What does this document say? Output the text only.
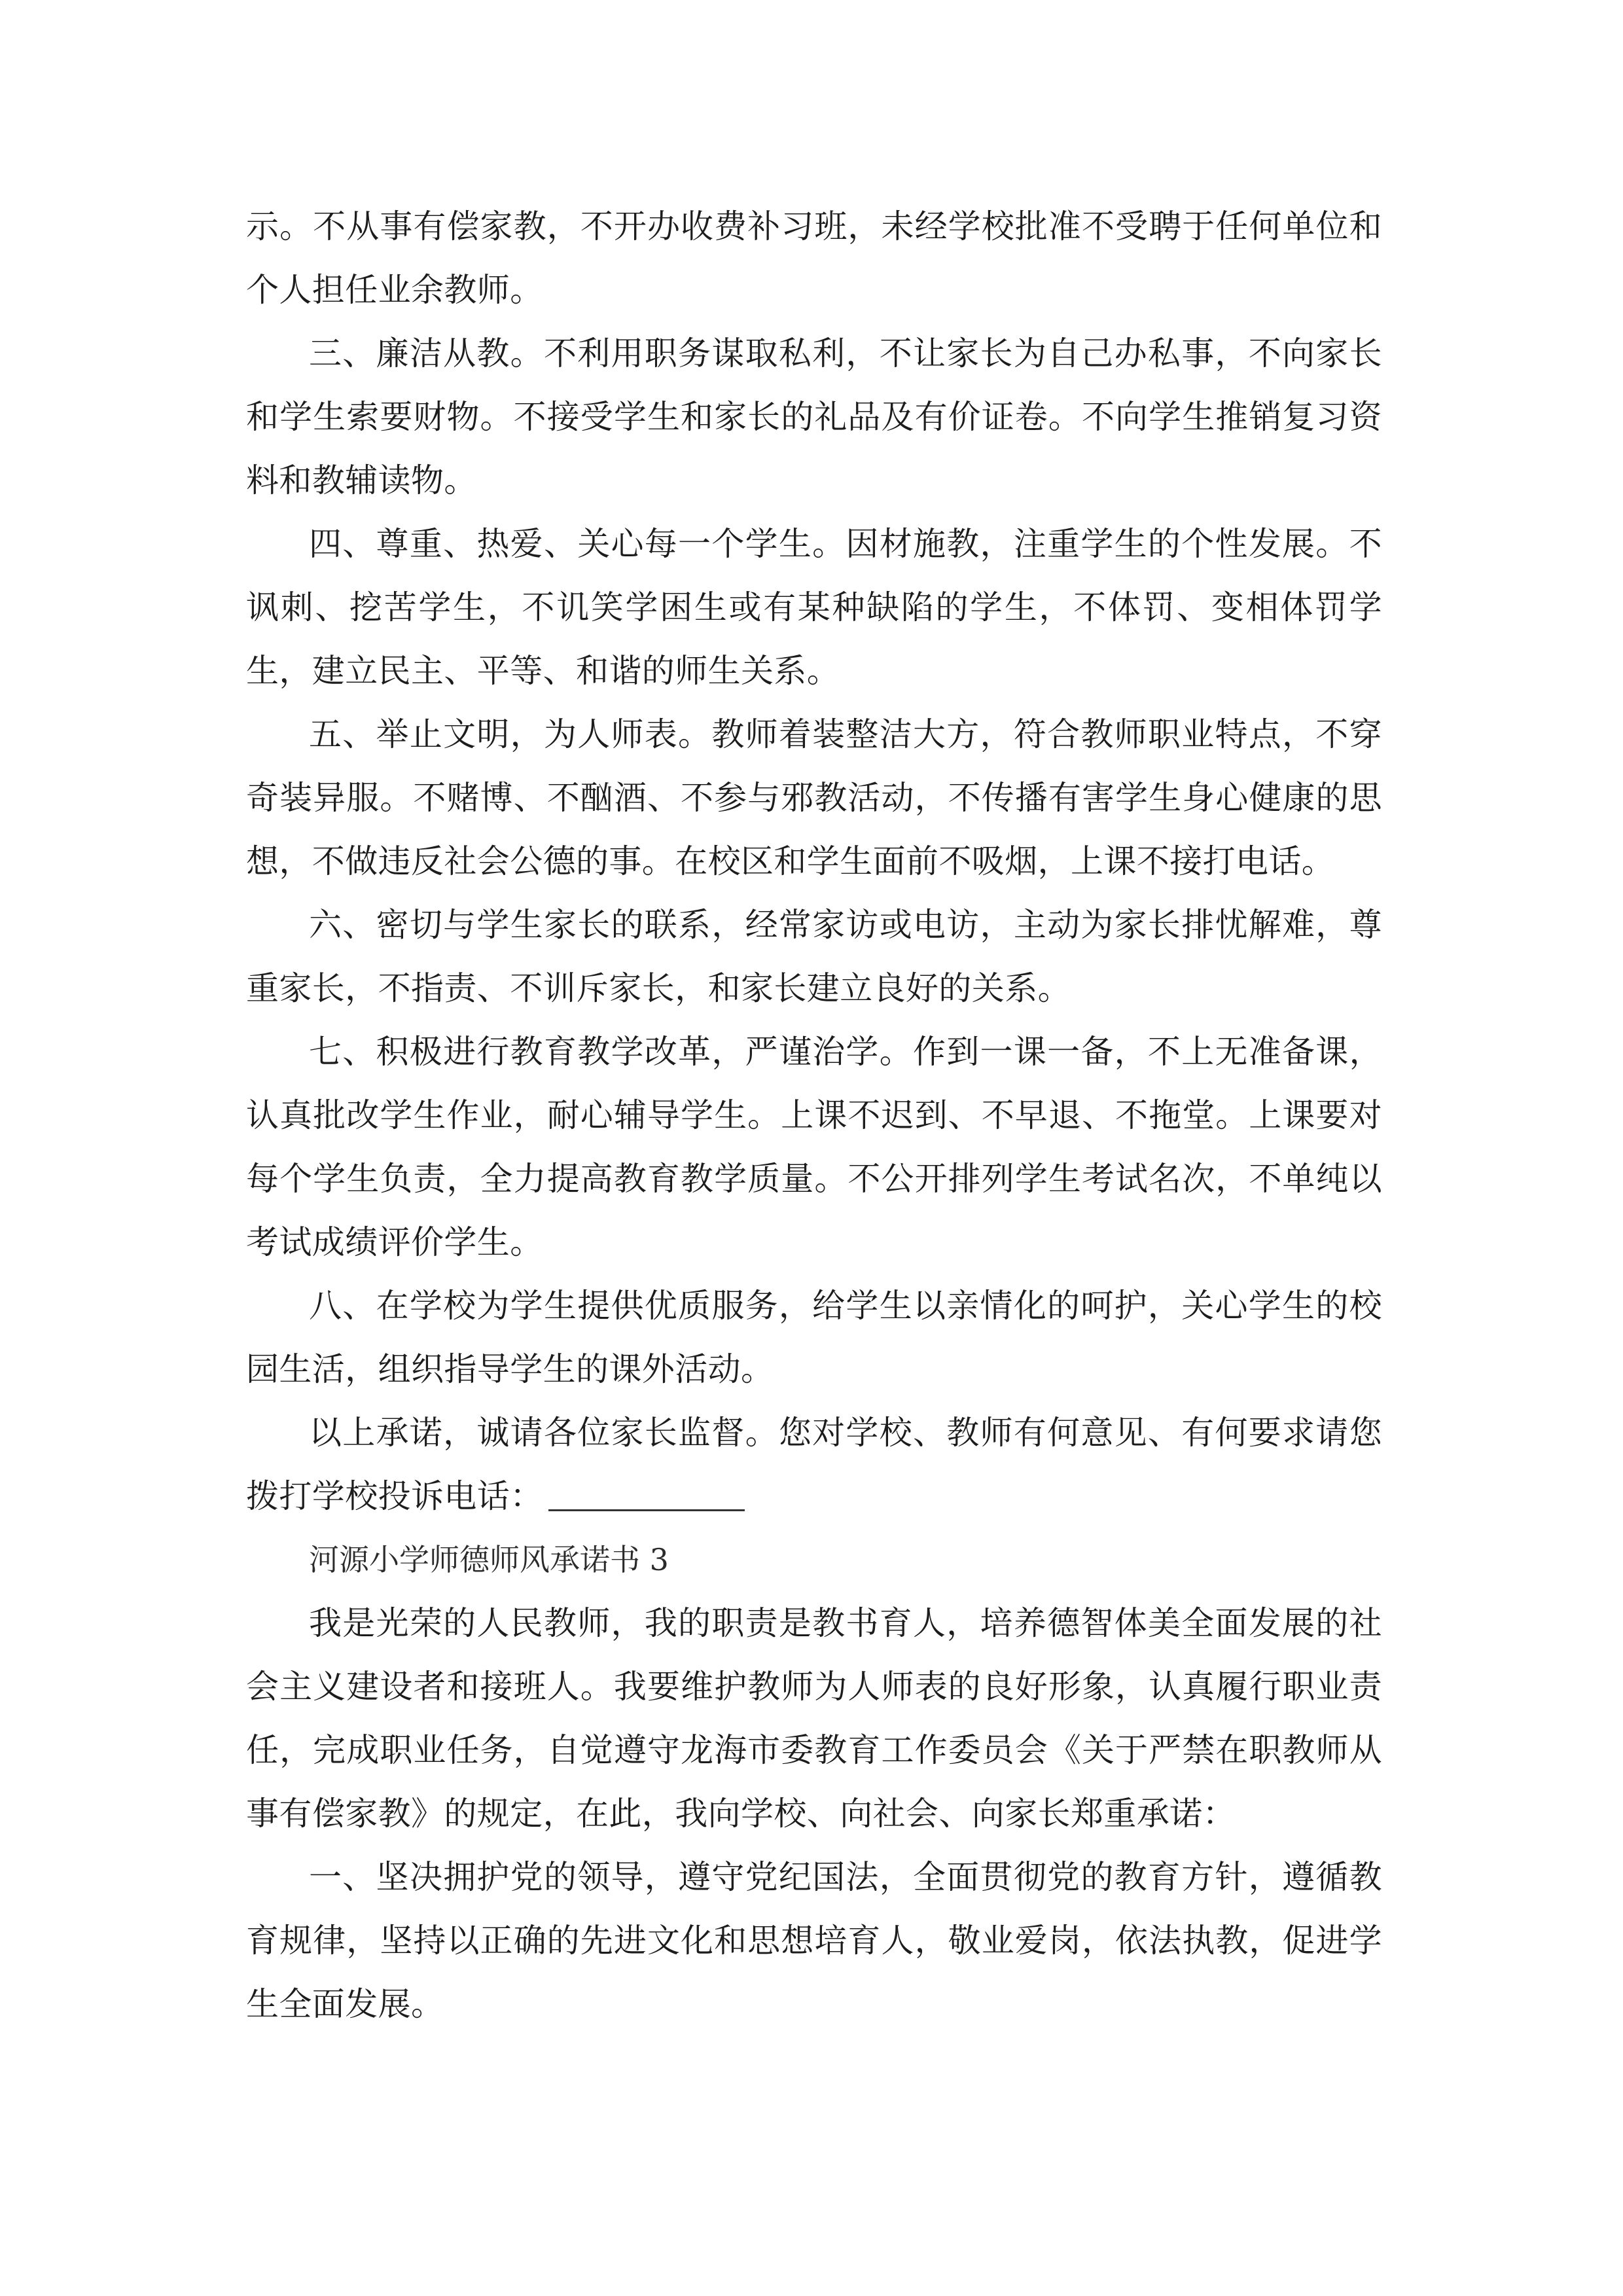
示。不从事有偿家教，不开办收费补习班，未经学校批准不受聘于任何单位和个人担任业余教师。

三、廉洁从教。不利用职务谋取私利，不让家长为自己办私事，不向家长和学生索要财物。不接受学生和家长的礼品及有价证卷。不向学生推销复习资料和教辅读物。

四、尊重、热爱、关心每一个学生。因材施教，注重学生的个性发展。不讽刺、挖苦学生，不讥笑学困生或有某种缺陷的学生，不体罚、变相体罚学生，建立民主、平等、和谐的师生关系。

五、举止文明，为人师表。教师着装整洁大方，符合教师职业特点，不穿奇装异服。不赌博、不酗酒、不参与邪教活动，不传播有害学生身心健康的思想，不做违反社会公德的事。在校区和学生面前不吸烟，上课不接打电话。

六、密切与学生家长的联系，经常家访或电访，主动为家长排忧解难，尊重家长，不指责、不训斥家长，和家长建立良好的关系。

七、积极进行教育教学改革，严谨治学。作到一课一备，不上无准备课，认真批改学生作业，耐心辅导学生。上课不迟到、不早退、不拖堂。上课要对每个学生负责，全力提高教育教学质量。不公开排列学生考试名次，不单纯以考试成绩评价学生。

八、在学校为学生提供优质服务，给学生以亲情化的呵护，关心学生的校园生活，组织指导学生的课外活动。

以上承诺，诚请各位家长监督。您对学校、教师有何意见、有何要求请您拨打学校投诉电话：

河源小学师德师风承诺书 3

我是光荣的人民教师，我的职责是教书育人，培养德智体美全面发展的社会主义建设者和接班人。我要维护教师为人师表的良好形象，认真履行职业责任，完成职业任务，自觉遵守龙海市委教育工作委员会《关于严禁在职教师从事有偿家教》的规定，在此，我向学校、向社会、向家长郑重承诺：

一、坚决拥护党的领导，遵守党纪国法，全面贯彻党的教育方针，遵循教育规律，坚持以正确的先进文化和思想培育人，敬业爱岗，依法执教，促进学生全面发展。
